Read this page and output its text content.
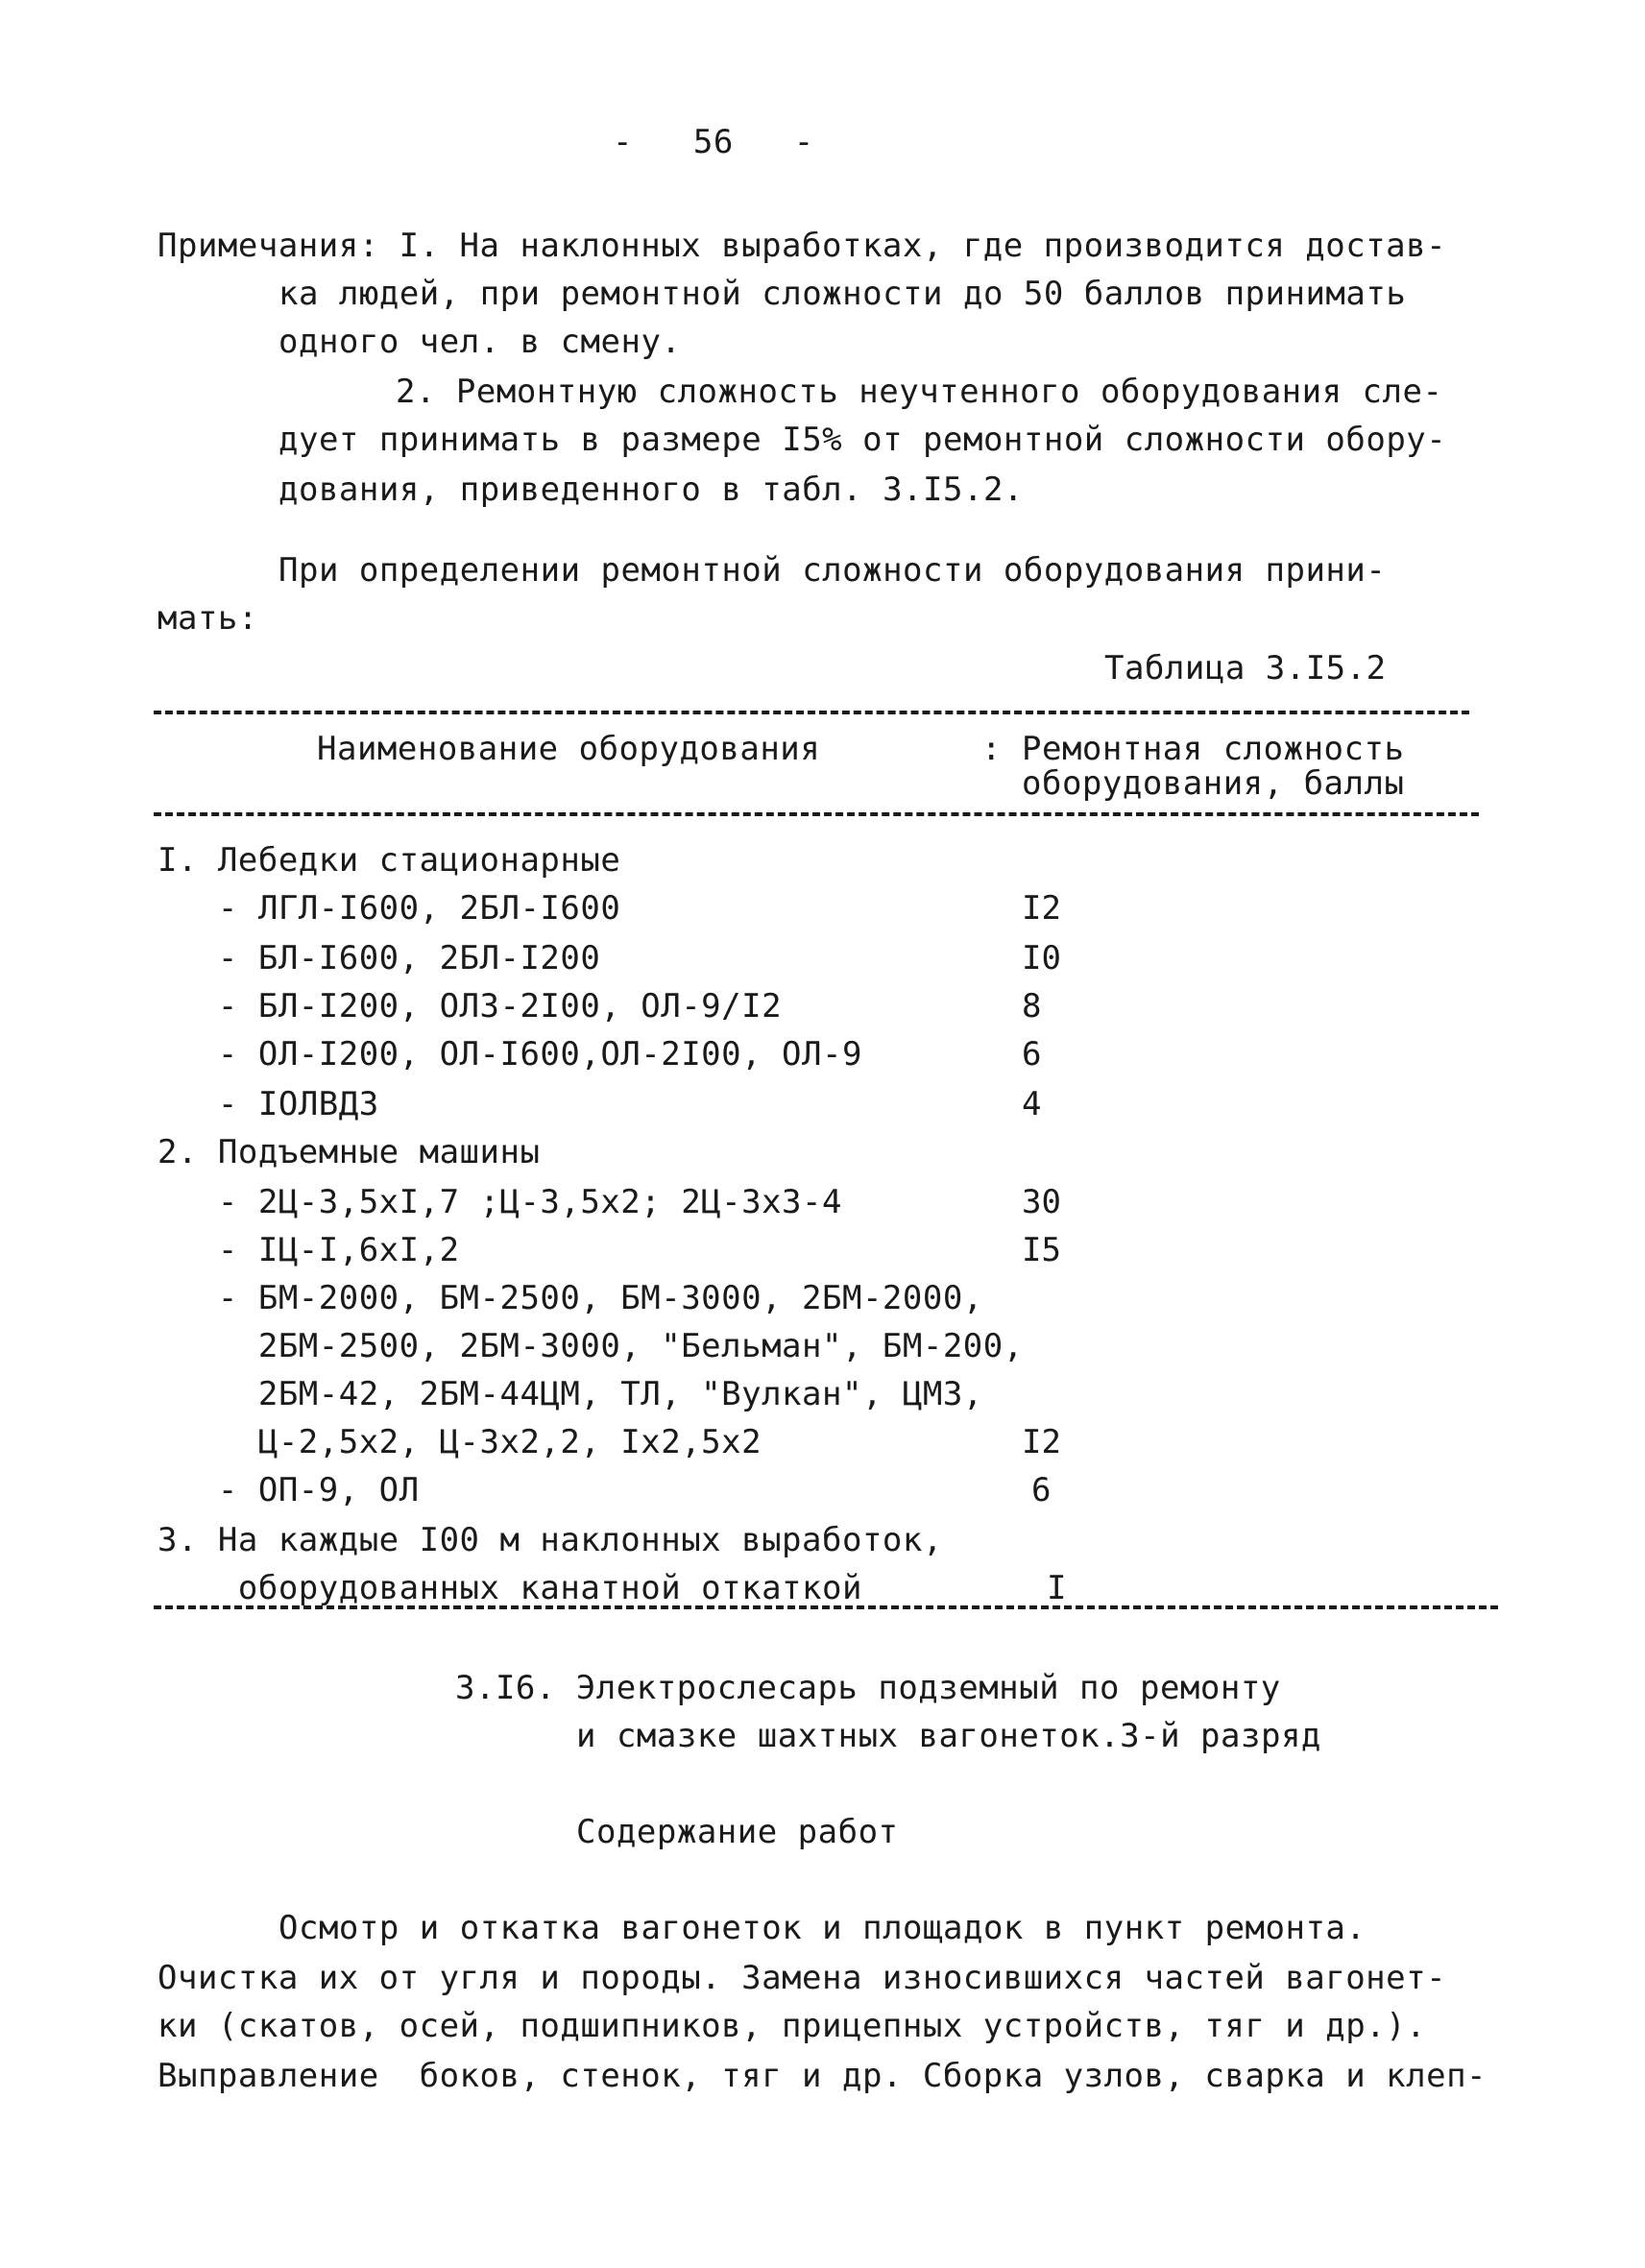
-   56   -
Примечания: I. На наклонных выработках, где производится достав-
ка людей, при ремонтной сложности до 50 баллов принимать
одного чел. в смену.
2. Ремонтную сложность неучтенного оборудования сле-
дует принимать в размере I5% от ремонтной сложности обору-
дования, приведенного в табл. 3.I5.2.
При определении ремонтной сложности оборудования прини-
мать:
Таблица 3.I5.2
Наименование оборудования	: Ремонтная сложность
оборудования, баллы
I. Лебедки стационарные
- ЛГЛ-I600, 2БЛ-I600	I2
- БЛ-I600, 2БЛ-I200	I0
- БЛ-I200, ОЛЗ-2I00, ОЛ-9/I2	8
- ОЛ-I200, ОЛ-I600,ОЛ-2I00, ОЛ-9	6
- IОЛВДЗ	4
2. Подъемные машины
- 2Ц-3,5хI,7 ;Ц-3,5х2; 2Ц-3х3-4	30
- IЦ-I,6хI,2	I5
- БМ-2000, БМ-2500, БМ-3000, 2БМ-2000,
2БМ-2500, 2БМ-3000, "Бельман", БМ-200,
2БМ-42, 2БМ-44ЦМ, ТЛ, "Вулкан", ЦМЗ,
Ц-2,5х2, Ц-3х2,2, Iх2,5х2	I2
- ОП-9, ОЛ	6
3. На каждые I00 м наклонных выработок,
оборудованных канатной откаткой	I
3.I6. Электрослесарь подземный по ремонту
и смазке шахтных вагонеток.3-й разряд
Содержание работ
Осмотр и откатка вагонеток и площадок в пункт ремонта.
Очистка их от угля и породы. Замена износившихся частей вагонет-
ки (скатов, осей, подшипников, прицепных устройств, тяг и др.).
Выправление  боков, стенок, тяг и др. Сборка узлов, сварка и клеп-
